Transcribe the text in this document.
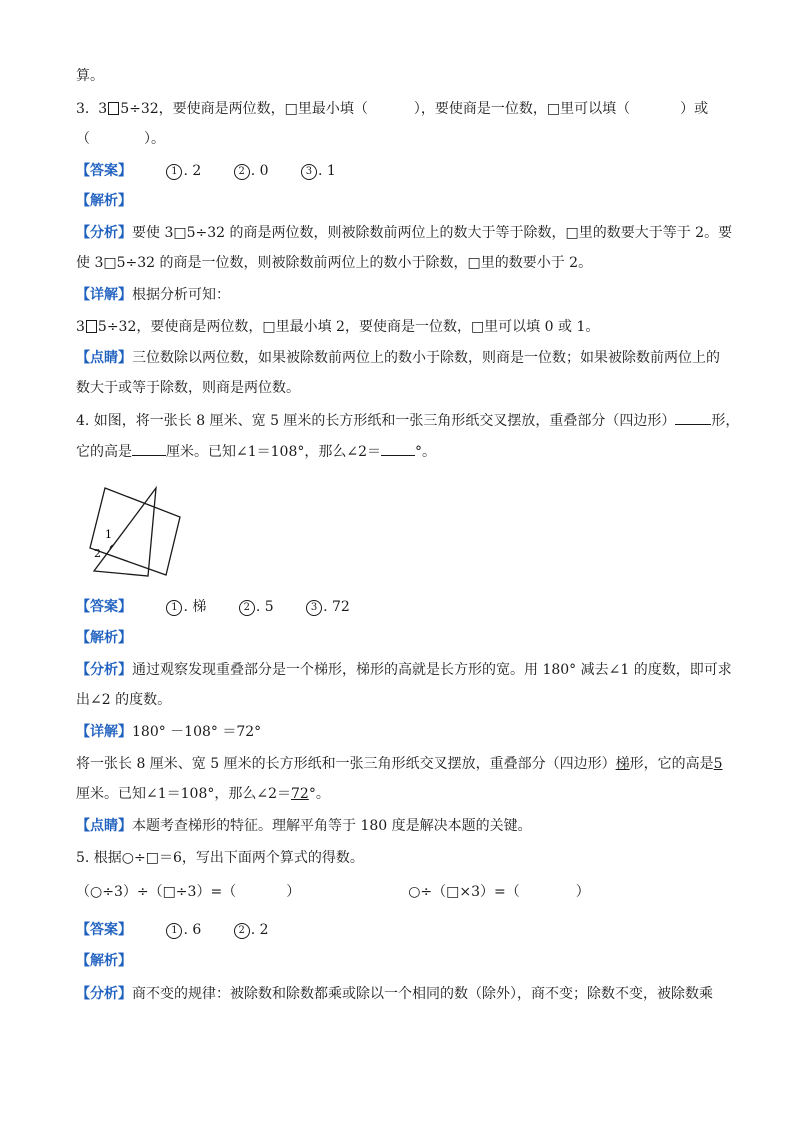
算。
3. 3 5÷32，要使商是两位数，□里最小填（	），要使商是一位数，□里可以填（	）或
（	）。
【答案】	1 . 2	2 . 0	3 . 1
【解析】
【分析】要使 3□5÷32 的商是两位数，则被除数前两位上的数大于等于除数，□里的数要大于等于 2。要
使 3□5÷32 的商是一位数，则被除数前两位上的数小于除数，□里的数要小于 2。
【详解】根据分析可知：
3 5÷32，要使商是两位数，□里最小填 2，要使商是一位数，□里可以填 0 或 1。
【点睛】三位数除以两位数，如果被除数前两位上的数小于除数，则商是一位数；如果被除数前两位上的
数大于或等于除数，则商是两位数。
4. 如图，将一张长 8 厘米、宽 5 厘米的长方形纸和一张三角形纸交叉摆放，重叠部分（四边形）	形，
它的高是 厘米。已知∠1＝108°，那么∠2＝ °。
1
2
【答案】	1 . 梯	2 . 5	3 . 72
【解析】
【分析】通过观察发现重叠部分是一个梯形，梯形的高就是长方形的宽。用 180° 减去∠1 的度数，即可求
出∠2 的度数。
【详解】180° －108° ＝72°
将一张长 8 厘米、宽 5 厘米的长方形纸和一张三角形纸交叉摆放，重叠部分（四边形）梯形，它的高是5
厘米。已知∠1＝108°，那么∠2＝72°。
【点睛】本题考查梯形的特征。理解平角等于 180 度是解决本题的关键。
5. 根据○÷□＝6，写出下面两个算式的得数。
（○÷3）÷（□÷3）=（	）	○÷（□×3）=（	）
【答案】	1 . 6	2 . 2
【解析】
【分析】商不变的规律：被除数和除数都乘或除以一个相同的数（除外），商不变；除数不变，被除数乘
